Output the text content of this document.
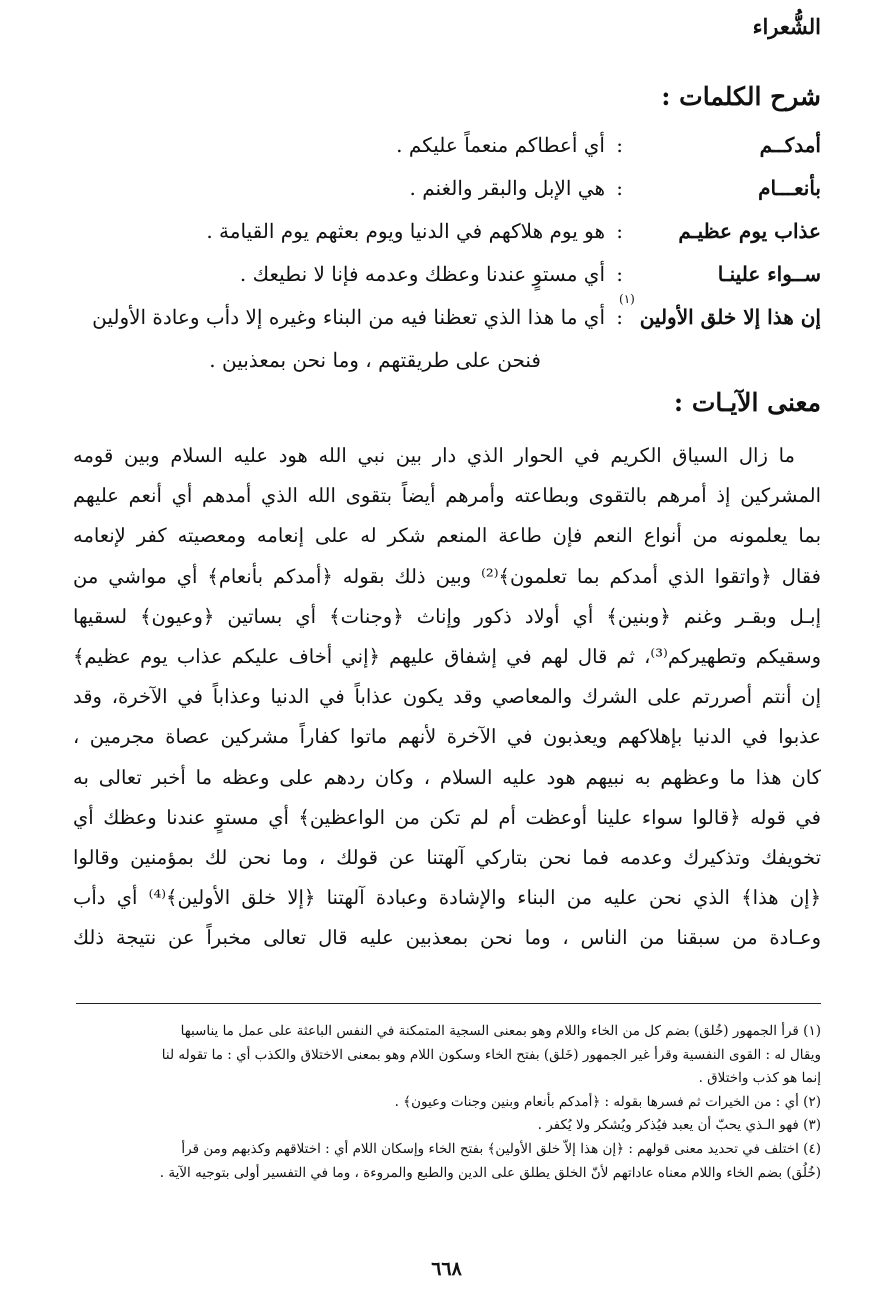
الشُّعراء
شرح الكلمات :
أمدكــم
:
أي أعطاكم منعماً عليكم .
بأنعـــام
:
هي الإبل والبقر والغنم .
عذاب يوم عظيـم
:
هو يوم هلاكهم في الدنيا ويوم بعثهم يوم القيامة .
ســواء علينـا
:
أي مستوٍ عندنا وعظك وعدمه فإنا لا نطيعك .
إن هذا إلا خلق الأولين
(١)
:
أي ما هذا الذي تعظنا فيه من البناء وغيره إلا دأب وعادة الأولين
فنحن على طريقتهم ، وما نحن بمعذبين .
معنى الآيـات :
ما زال السياق الكريم في الحوار الذي دار بين نبي الله هود عليه السلام وبين قومه
المشركين إذ أمرهم بالتقوى وبطاعته وأمرهم أيضاً بتقوى الله الذي أمدهم أي أنعم عليهم
بما يعلمونه من أنواع النعم فإن طاعة المنعم شكر له على إنعامه ومعصيته كفر لإنعامه
فقال ﴿واتقوا الذي أمدكم بما تعلمون﴾⁽²⁾ وبين ذلك بقوله ﴿أمدكم بأنعام﴾ أي مواشي من
إبـل وبقـر وغنم ﴿وبنين﴾ أي أولاد ذكور وإناث ﴿وجنات﴾ أي بساتين ﴿وعيون﴾ لسقيها
وسقيكم وتطهيركم⁽³⁾، ثم قال لهم في إشفاق عليهم ﴿إني أخاف عليكم عذاب يوم عظيم﴾
إن أنتم أصررتم على الشرك والمعاصي وقد يكون عذاباً في الدنيا وعذاباً في الآخرة، وقد
عذبوا في الدنيا بإهلاكهم ويعذبون في الآخرة لأنهم ماتوا كفاراً مشركين عصاة مجرمين ،
كان هذا ما وعظهم به نبيهم هود عليه السلام ، وكان ردهم على وعظه ما أخبر تعالى به
في قوله ﴿قالوا سواء علينا أوعظت أم لم تكن من الواعظين﴾ أي مستوٍ عندنا وعظك أي
تخويفك وتذكيرك وعدمه فما نحن بتاركي آلهتنا عن قولك ، وما نحن لك بمؤمنين وقالوا
﴿إن هذا﴾ الذي نحن عليه من البناء والإشادة وعبادة آلهتنا ﴿إلا خلق الأولين﴾⁽⁴⁾ أي دأب
وعـادة من سبقنا من الناس ، وما نحن بمعذبين عليه قال تعالى مخبراً عن نتيجة ذلك
(١) قرأ الجمهور (خُلق) بضم كل من الخاء واللام وهو بمعنى السجية المتمكنة في النفس الباعثة على عمل ما يناسبها
ويقال له : القوى النفسية وقرأ غير الجمهور (خَلق) بفتح الخاء وسكون اللام وهو بمعنى الاختلاق والكذب أي : ما تقوله لنا
إنما هو كذب واختلاق .
(٢) أي : من الخيرات ثم فسرها بقوله : ﴿أمدكم بأنعام وبنين وجنات وعيون﴾ .
(٣) فهو الـذي يحبّ أن يعبد فيُذكر ويُشكر ولا يُكفر .
(٤) اختلف في تحديد معنى قولهم : ﴿إن هذا إلاّ خلق الأولين﴾ بفتح الخاء وإسكان اللام أي : اختلاقهم وكذبهم ومن قرأ
(خُلُق) بضم الخاء واللام معناه عاداتهم لأنّ الخلق يطلق على الدين والطبع والمروءة ، وما في التفسير أولى بتوجيه الآية .
٦٦٨
